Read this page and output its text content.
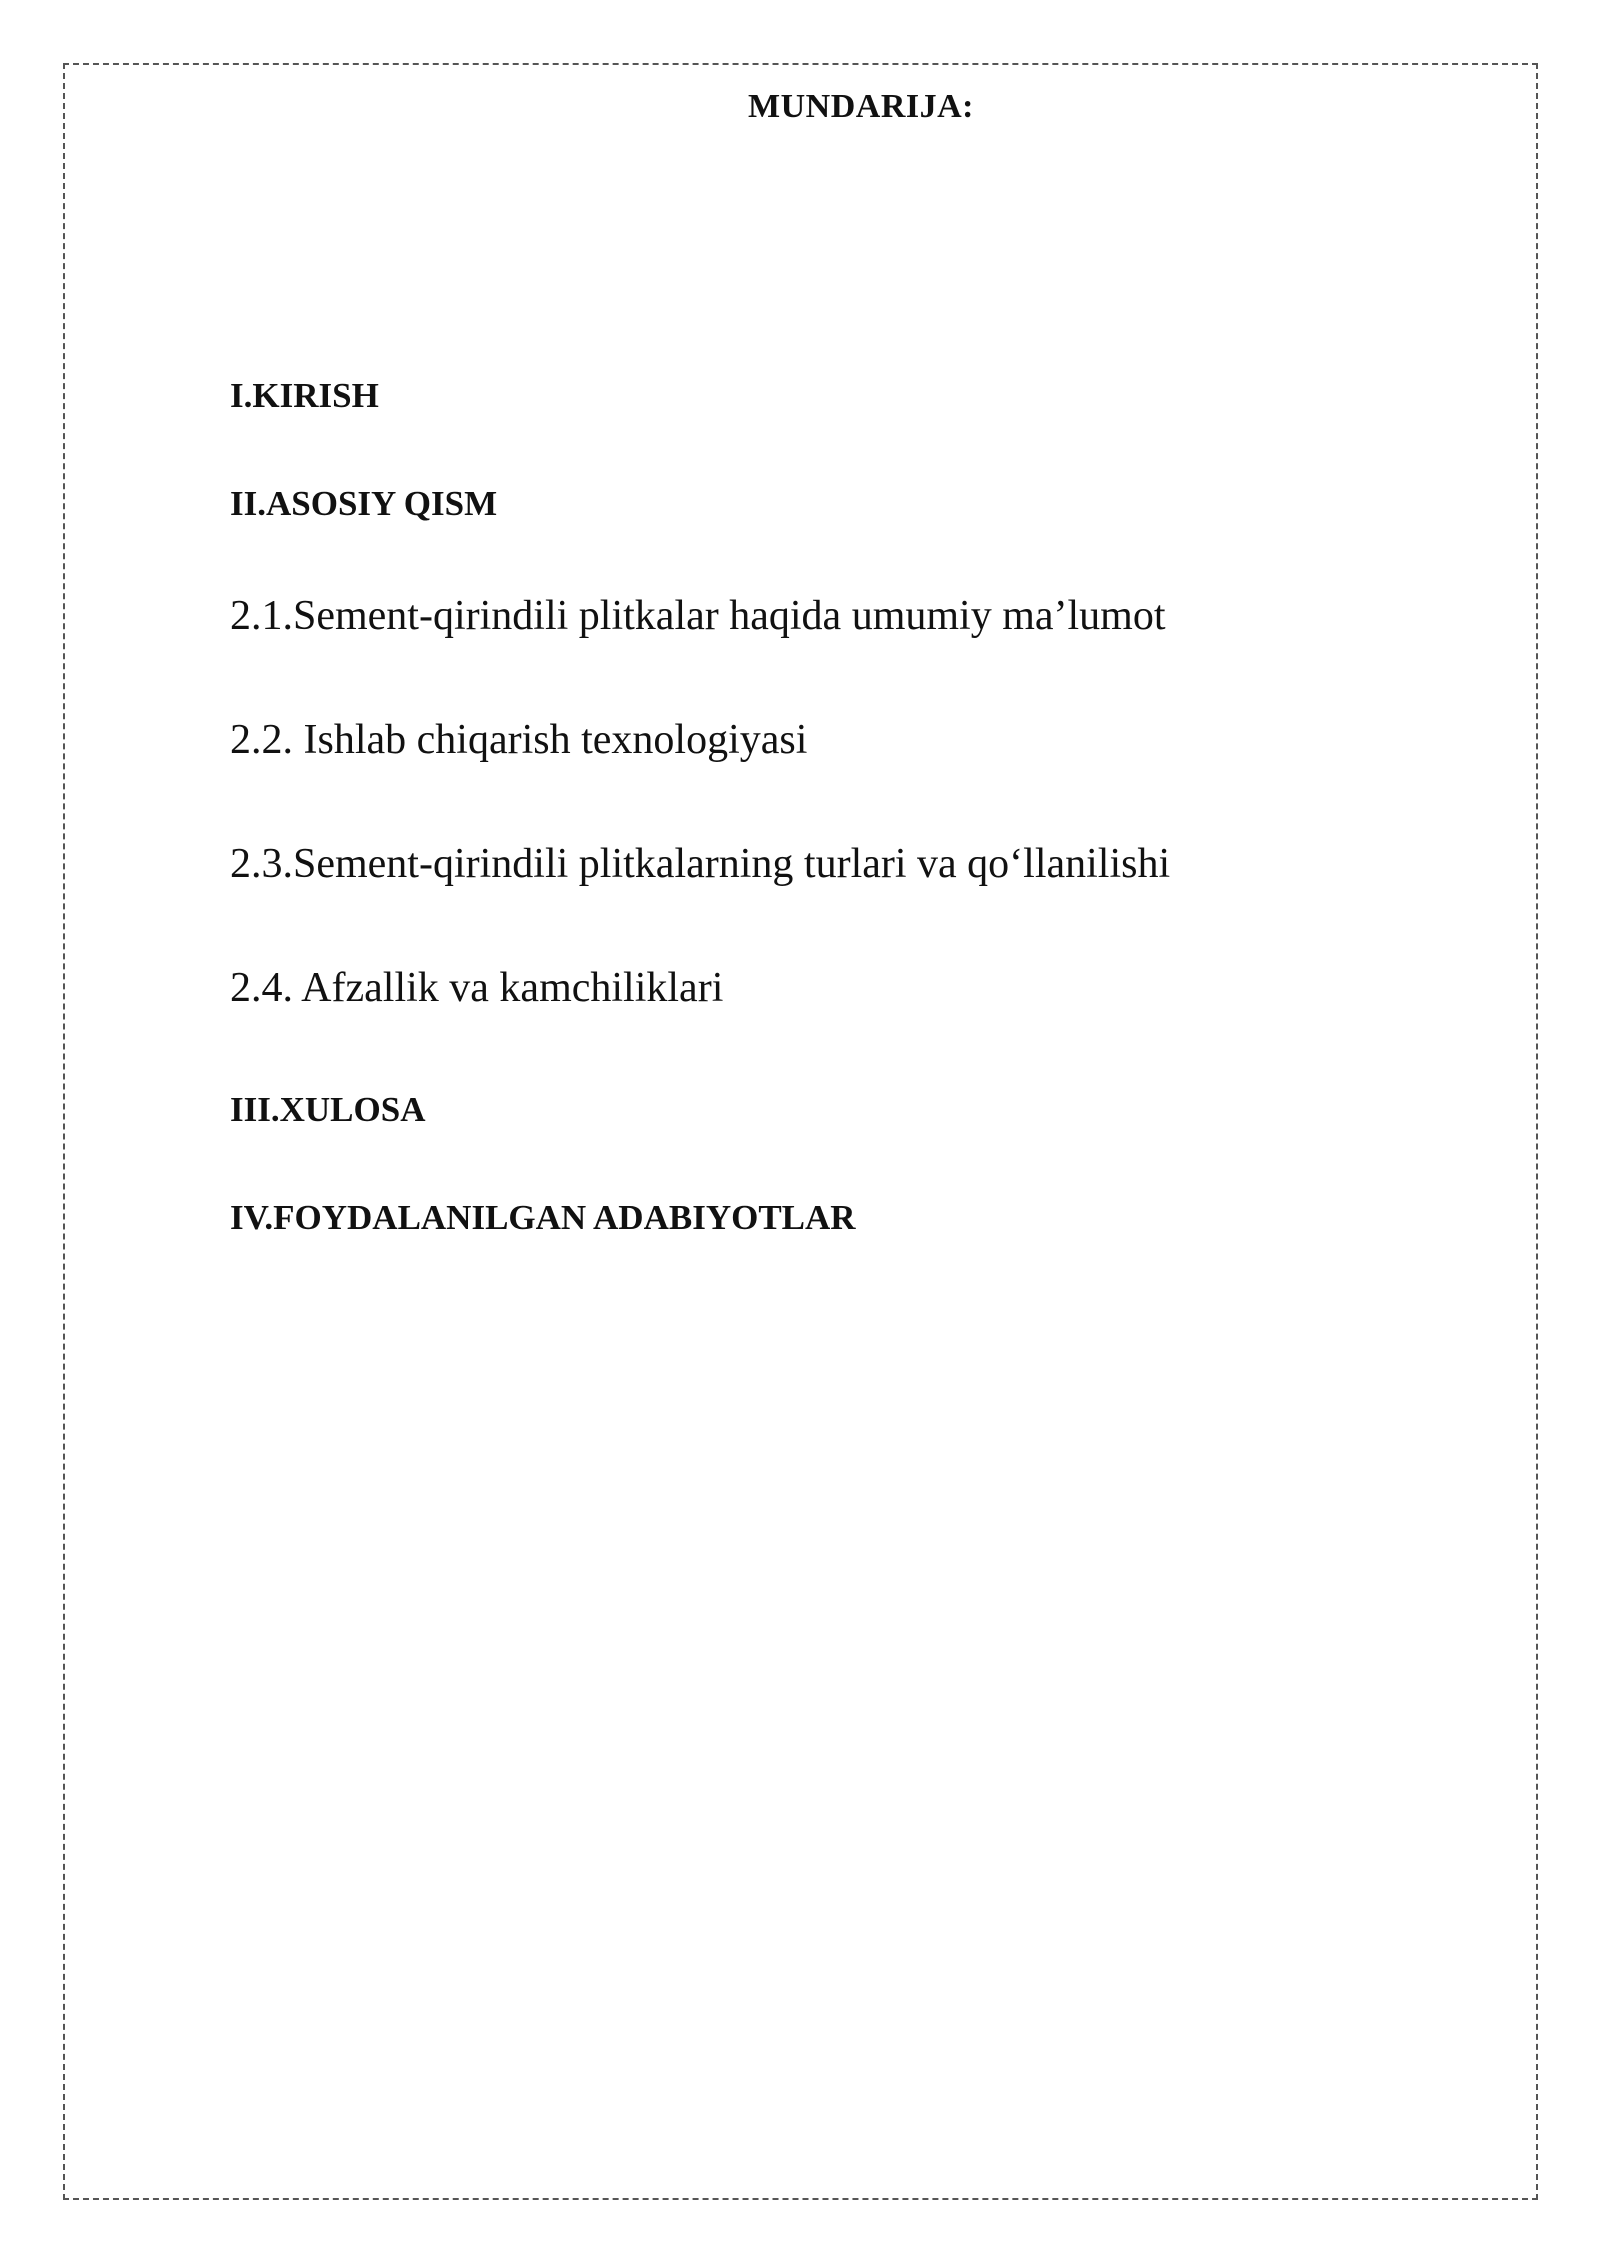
MUNDARIJA:
I.KIRISH
II.ASOSIY QISM
2.1.Sement-qirindili plitkalar haqida umumiy ma’lumot
2.2. Ishlab chiqarish texnologiyasi
2.3.Sement-qirindili plitkalarning turlari va qo‘llanilishi
2.4. Afzallik va kamchiliklari
III.XULOSA
IV.FOYDALANILGAN ADABIYOTLAR
